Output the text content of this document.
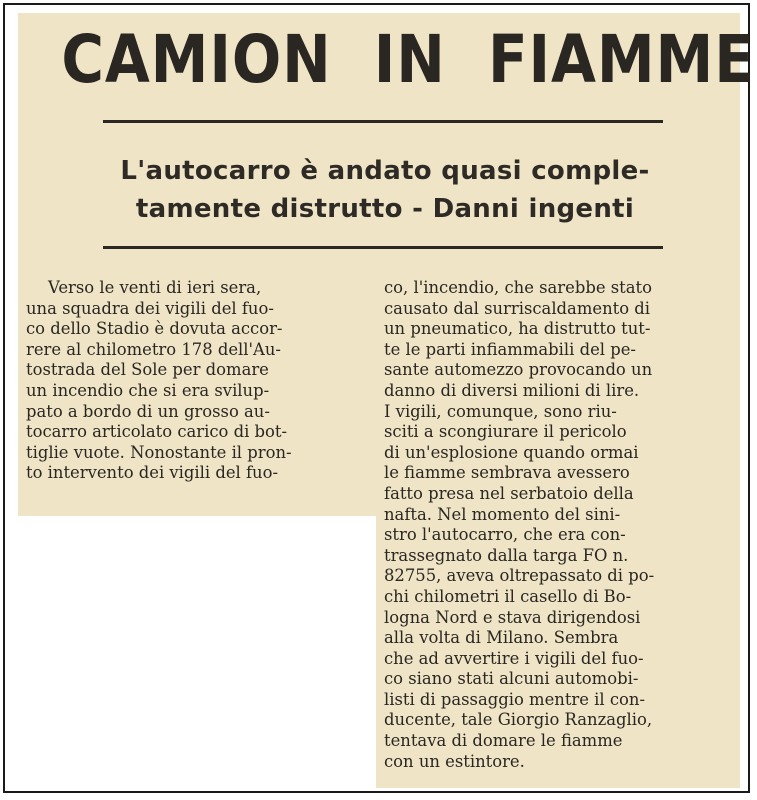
CAMION IN FIAMME
L'autocarro è andato quasi comple-
tamente distrutto - Danni ingenti
Verso le venti di ieri sera,
una squadra dei vigili del fuo-
co dello Stadio è dovuta accor-
rere al chilometro 178 dell'Au-
tostrada del Sole per domare
un incendio che si era svilup-
pato a bordo di un grosso au-
tocarro articolato carico di bot-
tiglie vuote. Nonostante il pron-
to intervento dei vigili del fuo-
co, l'incendio, che sarebbe stato
causato dal surriscaldamento di
un pneumatico, ha distrutto tut-
te le parti infiammabili del pe-
sante automezzo provocando un
danno di diversi milioni di lire.
I vigili, comunque, sono riu-
sciti a scongiurare il pericolo
di un'esplosione quando ormai
le fiamme sembrava avessero
fatto presa nel serbatoio della
nafta. Nel momento del sini-
stro l'autocarro, che era con-
trassegnato dalla targa FO n.
82755, aveva oltrepassato di po-
chi chilometri il casello di Bo-
logna Nord e stava dirigendosi
alla volta di Milano. Sembra
che ad avvertire i vigili del fuo-
co siano stati alcuni automobi-
listi di passaggio mentre il con-
ducente, tale Giorgio Ranzaglio,
tentava di domare le fiamme
con un estintore.
